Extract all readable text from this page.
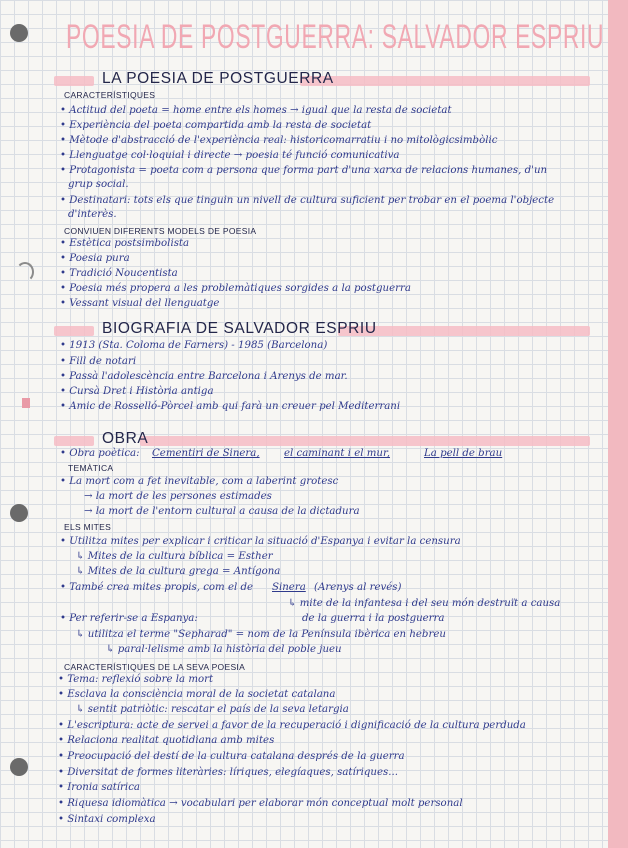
POESIA DE POSTGUERRA: SALVADOR ESPRIU
LA POESIA DE POSTGUERRA
CARACTERÍSTIQUES
• Actitud del poeta = home entre els homes → igual que la resta de societat
• Experiència del poeta compartida amb la resta de societat
• Mètode d'abstracció de l'experiència real: historicomarratiu i no mitològicsimbòlic
• Llenguatge col·loquial i directe → poesia té funció comunicativa
• Protagonista = poeta com a persona que forma part d'una xarxa de relacions humanes, d'un
grup social.
• Destinatari: tots els que tinguin un nivell de cultura suficient per trobar en el poema l'objecte
d'interès.
CONVIUEN DIFERENTS MODELS DE POESIA
• Estètica postsimbolista
• Poesia pura
• Tradició Noucentista
• Poesia més propera a les problemàtiques sorgides a la postguerra
• Vessant visual del llenguatge
BIOGRAFIA DE SALVADOR ESPRIU
• 1913 (Sta. Coloma de Farners) - 1985 (Barcelona)
• Fill de notari
• Passà l'adolescència entre Barcelona i Arenys de mar.
• Cursà Dret i Història antiga
• Amic de Rosselló-Pòrcel amb qui farà un creuer pel Mediterrani
OBRA
• Obra poètica: Cementiri de Sinera, el caminant i el mur,	La pell de brau
TEMÀTICA
• La mort com a fet inevitable, com a laberint grotesc
→ la mort de les persones estimades
→ la mort de l'entorn cultural a causa de la dictadura
ELS MITES
• Utilitza mites per explicar i criticar la situació d'Espanya i evitar la censura
↳ Mites de la cultura bíblica = Esther
↳ Mites de la cultura grega = Antígona
• També crea mites propis, com el de Sinera (Arenys al revés)
↳ mite de la infantesa i del seu món destruït a causa
de la guerra i la postguerra
• Per referir-se a Espanya:
↳ utilitza el terme "Sepharad" = nom de la Península ibèrica en hebreu
↳ paral·lelisme amb la història del poble jueu
CARACTERÍSTIQUES DE LA SEVA POESIA
• Tema: reflexió sobre la mort
• Esclava la consciència moral de la societat catalana
↳ sentit patriòtic: rescatar el país de la seva letargia
• L'escriptura: acte de servei a favor de la recuperació i dignificació de la cultura perduda
• Relaciona realitat quotidiana amb mites
• Preocupació del destí de la cultura catalana després de la guerra
• Diversitat de formes literàries: líriques, elegíaques, satíriques...
• Ironia satírica
• Riquesa idiomàtica → vocabulari per elaborar món conceptual molt personal
• Sintaxi complexa
